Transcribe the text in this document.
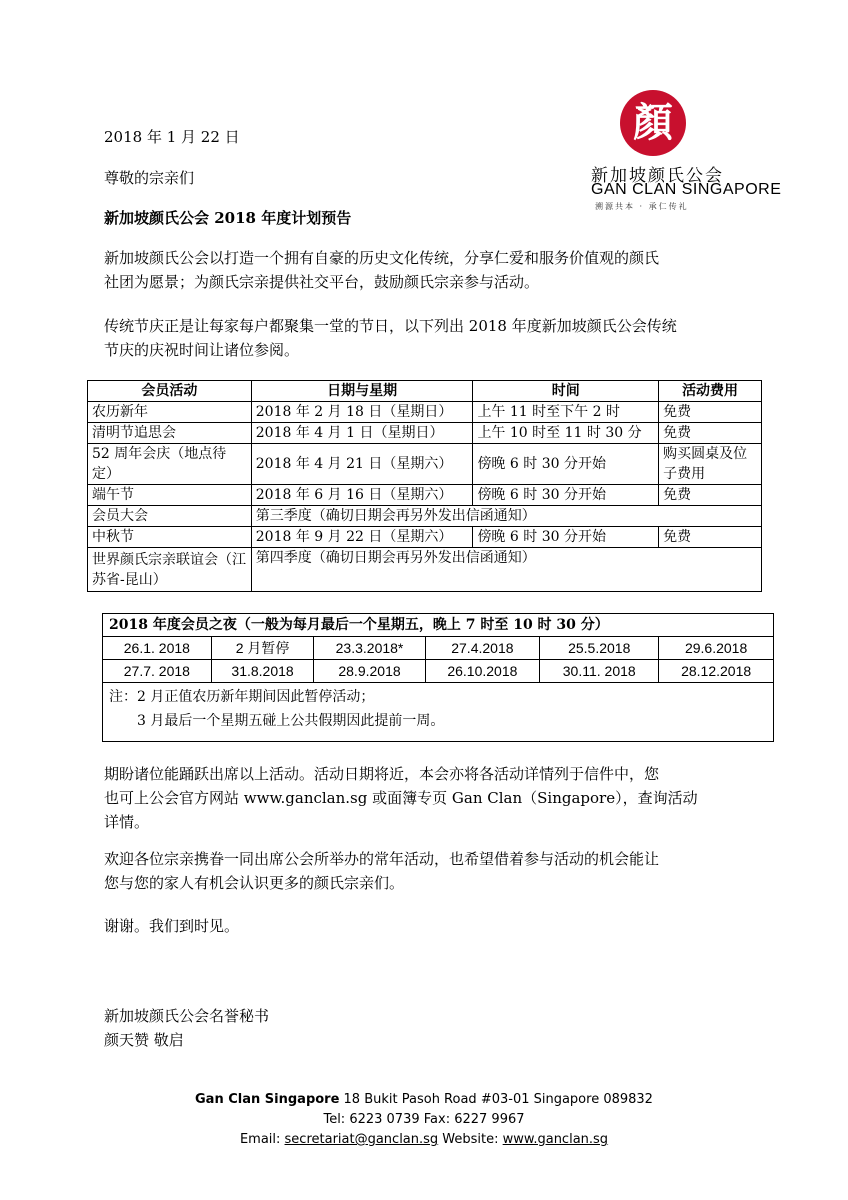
顏
新加坡颜氏公会
GAN CLAN SINGAPORE
溯源共本 · 承仁传礼
2018 年 1 月 22 日
尊敬的宗亲们
新加坡颜氏公会 2018 年度计划预告
新加坡颜氏公会以打造一个拥有自豪的历史文化传统，分享仁爱和服务价值观的颜氏
社团为愿景；为颜氏宗亲提供社交平台，鼓励颜氏宗亲参与活动。
传统节庆正是让每家每户都聚集一堂的节日，以下列出 2018 年度新加坡颜氏公会传统
节庆的庆祝时间让诸位参阅。
会员活动	日期与星期	时间	活动费用
农历新年	2018 年 2 月 18 日（星期日）	上午 11 时至下午 2 时	免费
清明节追思会	2018 年 4 月 1 日（星期日）	上午 10 时至 11 时 30 分	免费
52 周年会庆（地点待定）	2018 年 4 月 21 日（星期六）	傍晚 6 时 30 分开始	购买圆桌及位子费用
端午节	2018 年 6 月 16 日（星期六）	傍晚 6 时 30 分开始	免费
会员大会	第三季度（确切日期会再另外发出信函通知）		
中秋节	2018 年 9 月 22 日（星期六）	傍晚 6 时 30 分开始	免费
世界颜氏宗亲联谊会（江苏省-昆山）	第四季度（确切日期会再另外发出信函通知）		
2018 年度会员之夜（一般为每月最后一个星期五，晚上 7 时至 10 时 30 分）					
26.1. 2018	2 月暂停	23.3.2018*	27.4.2018	25.5.2018	29.6.2018
27.7. 2018	31.8.2018	28.9.2018	26.10.2018	30.11. 2018	28.12.2018

注：2 月正值农历新年期间因此暂停活动；
3 月最后一个星期五碰上公共假期因此提前一周。					
期盼诸位能踊跃出席以上活动。活动日期将近，本会亦将各活动详情列于信件中，您
也可上公会官方网站 www.ganclan.sg 或面簿专页 Gan Clan（Singapore），查询活动
详情。
欢迎各位宗亲携眷一同出席公会所举办的常年活动，也希望借着参与活动的机会能让
您与您的家人有机会认识更多的颜氏宗亲们。
谢谢。我们到时见。
新加坡颜氏公会名誉秘书
颜天赞 敬启
Gan Clan Singapore 18 Bukit Pasoh Road #03-01 Singapore 089832
Tel: 6223 0739 Fax: 6227 9967
Email: secretariat@ganclan.sg Website: www.ganclan.sg
